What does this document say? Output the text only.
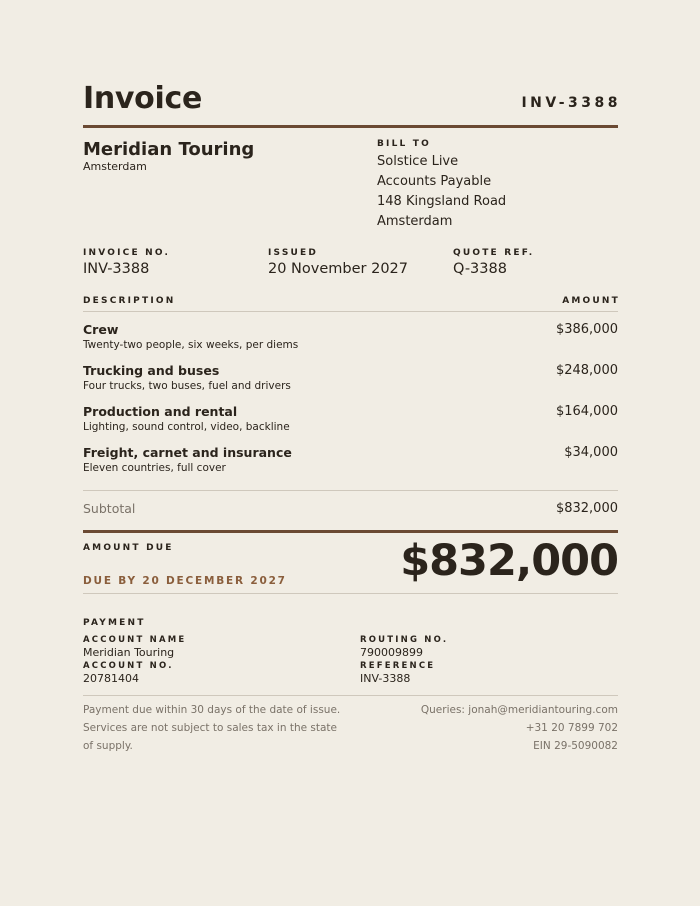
Invoice	INV-3388
Meridian Touring
Amsterdam
BILL TO
Solstice Live
Accounts Payable
148 Kingsland Road
Amsterdam
INVOICE NO.
INV-3388
ISSUED
20 November 2027
QUOTE REF.
Q-3388
DESCRIPTION	AMOUNT
Crew
Twenty-two people, six weeks, per diems
$386,000
Trucking and buses
Four trucks, two buses, fuel and drivers
$248,000
Production and rental
Lighting, sound control, video, backline
$164,000
Freight, carnet and insurance
Eleven countries, full cover
$34,000
Subtotal	$832,000
AMOUNT DUE
DUE BY 20 DECEMBER 2027	$832,000
PAYMENT
ACCOUNT NAME
Meridian Touring
ROUTING NO.
790009899
ACCOUNT NO.
20781404
REFERENCE
INV-3388
Payment due within 30 days of the date of issue.
Services are not subject to sales tax in the state
of supply.
Queries: jonah@meridiantouring.com
+31 20 7899 702
EIN 29-5090082
